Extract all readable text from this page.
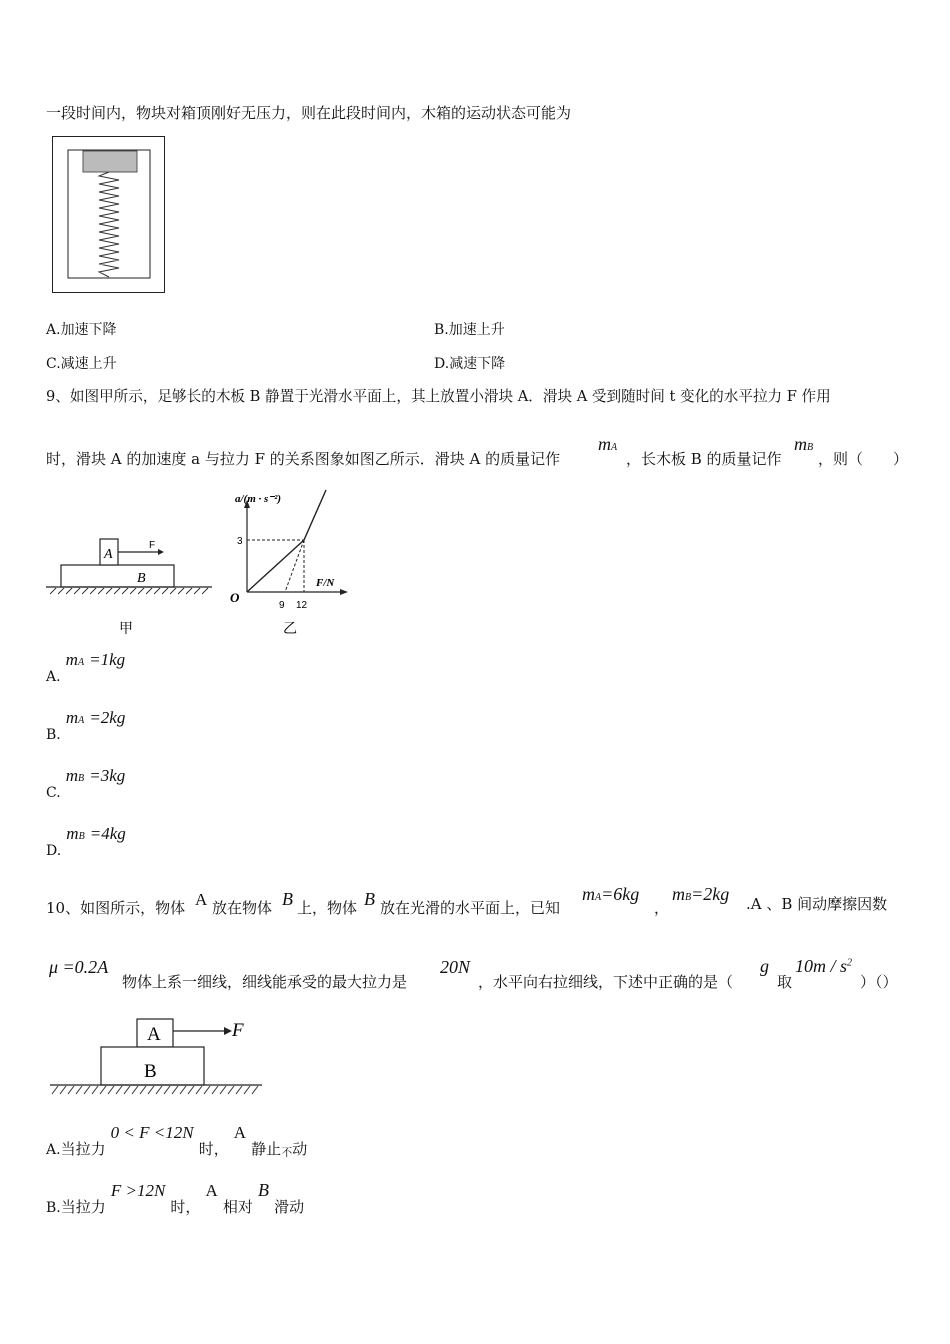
一段时间内，物块对箱顶刚好无压力，则在此段时间内，木箱的运动状态可能为
A.加速下降	B.加速上升
C.减速上升	D.减速下降
9、如图甲所示，足够长的木板 B 静置于光滑水平面上，其上放置小滑块 A．滑块 A 受到随时间 t 变化的水平拉力 F 作用
时，滑块 A 的加速度 a 与拉力 F 的关系图象如图乙所示．滑块 A 的质量记作
mA
，长木板 B 的质量记作
mB
，则（　　）
A
B
F
甲
a/(m · s⁻²)
F/N
O
3
9 12
乙
A. mA =1kg
B. mA =2kg
C. mB =3kg
D. mB =4kg
10、如图所示，物体 A 放在物体 B 上，物体 B 放在光滑的水平面上，已知
mA=6kg
，
mB=2kg .A 、B 间动摩擦因数
μ =0.2A
物体上系一细线，细线能承受的最大拉力是
20N
，水平向右拉细线，下述中正确的是（
g
取
$10m / s^2$
）（）
A
B
F
A.当拉力 0 < F <12N 时， A 静止$_不$动
B.当拉力 F >12N 时， A 相对 B 滑动
